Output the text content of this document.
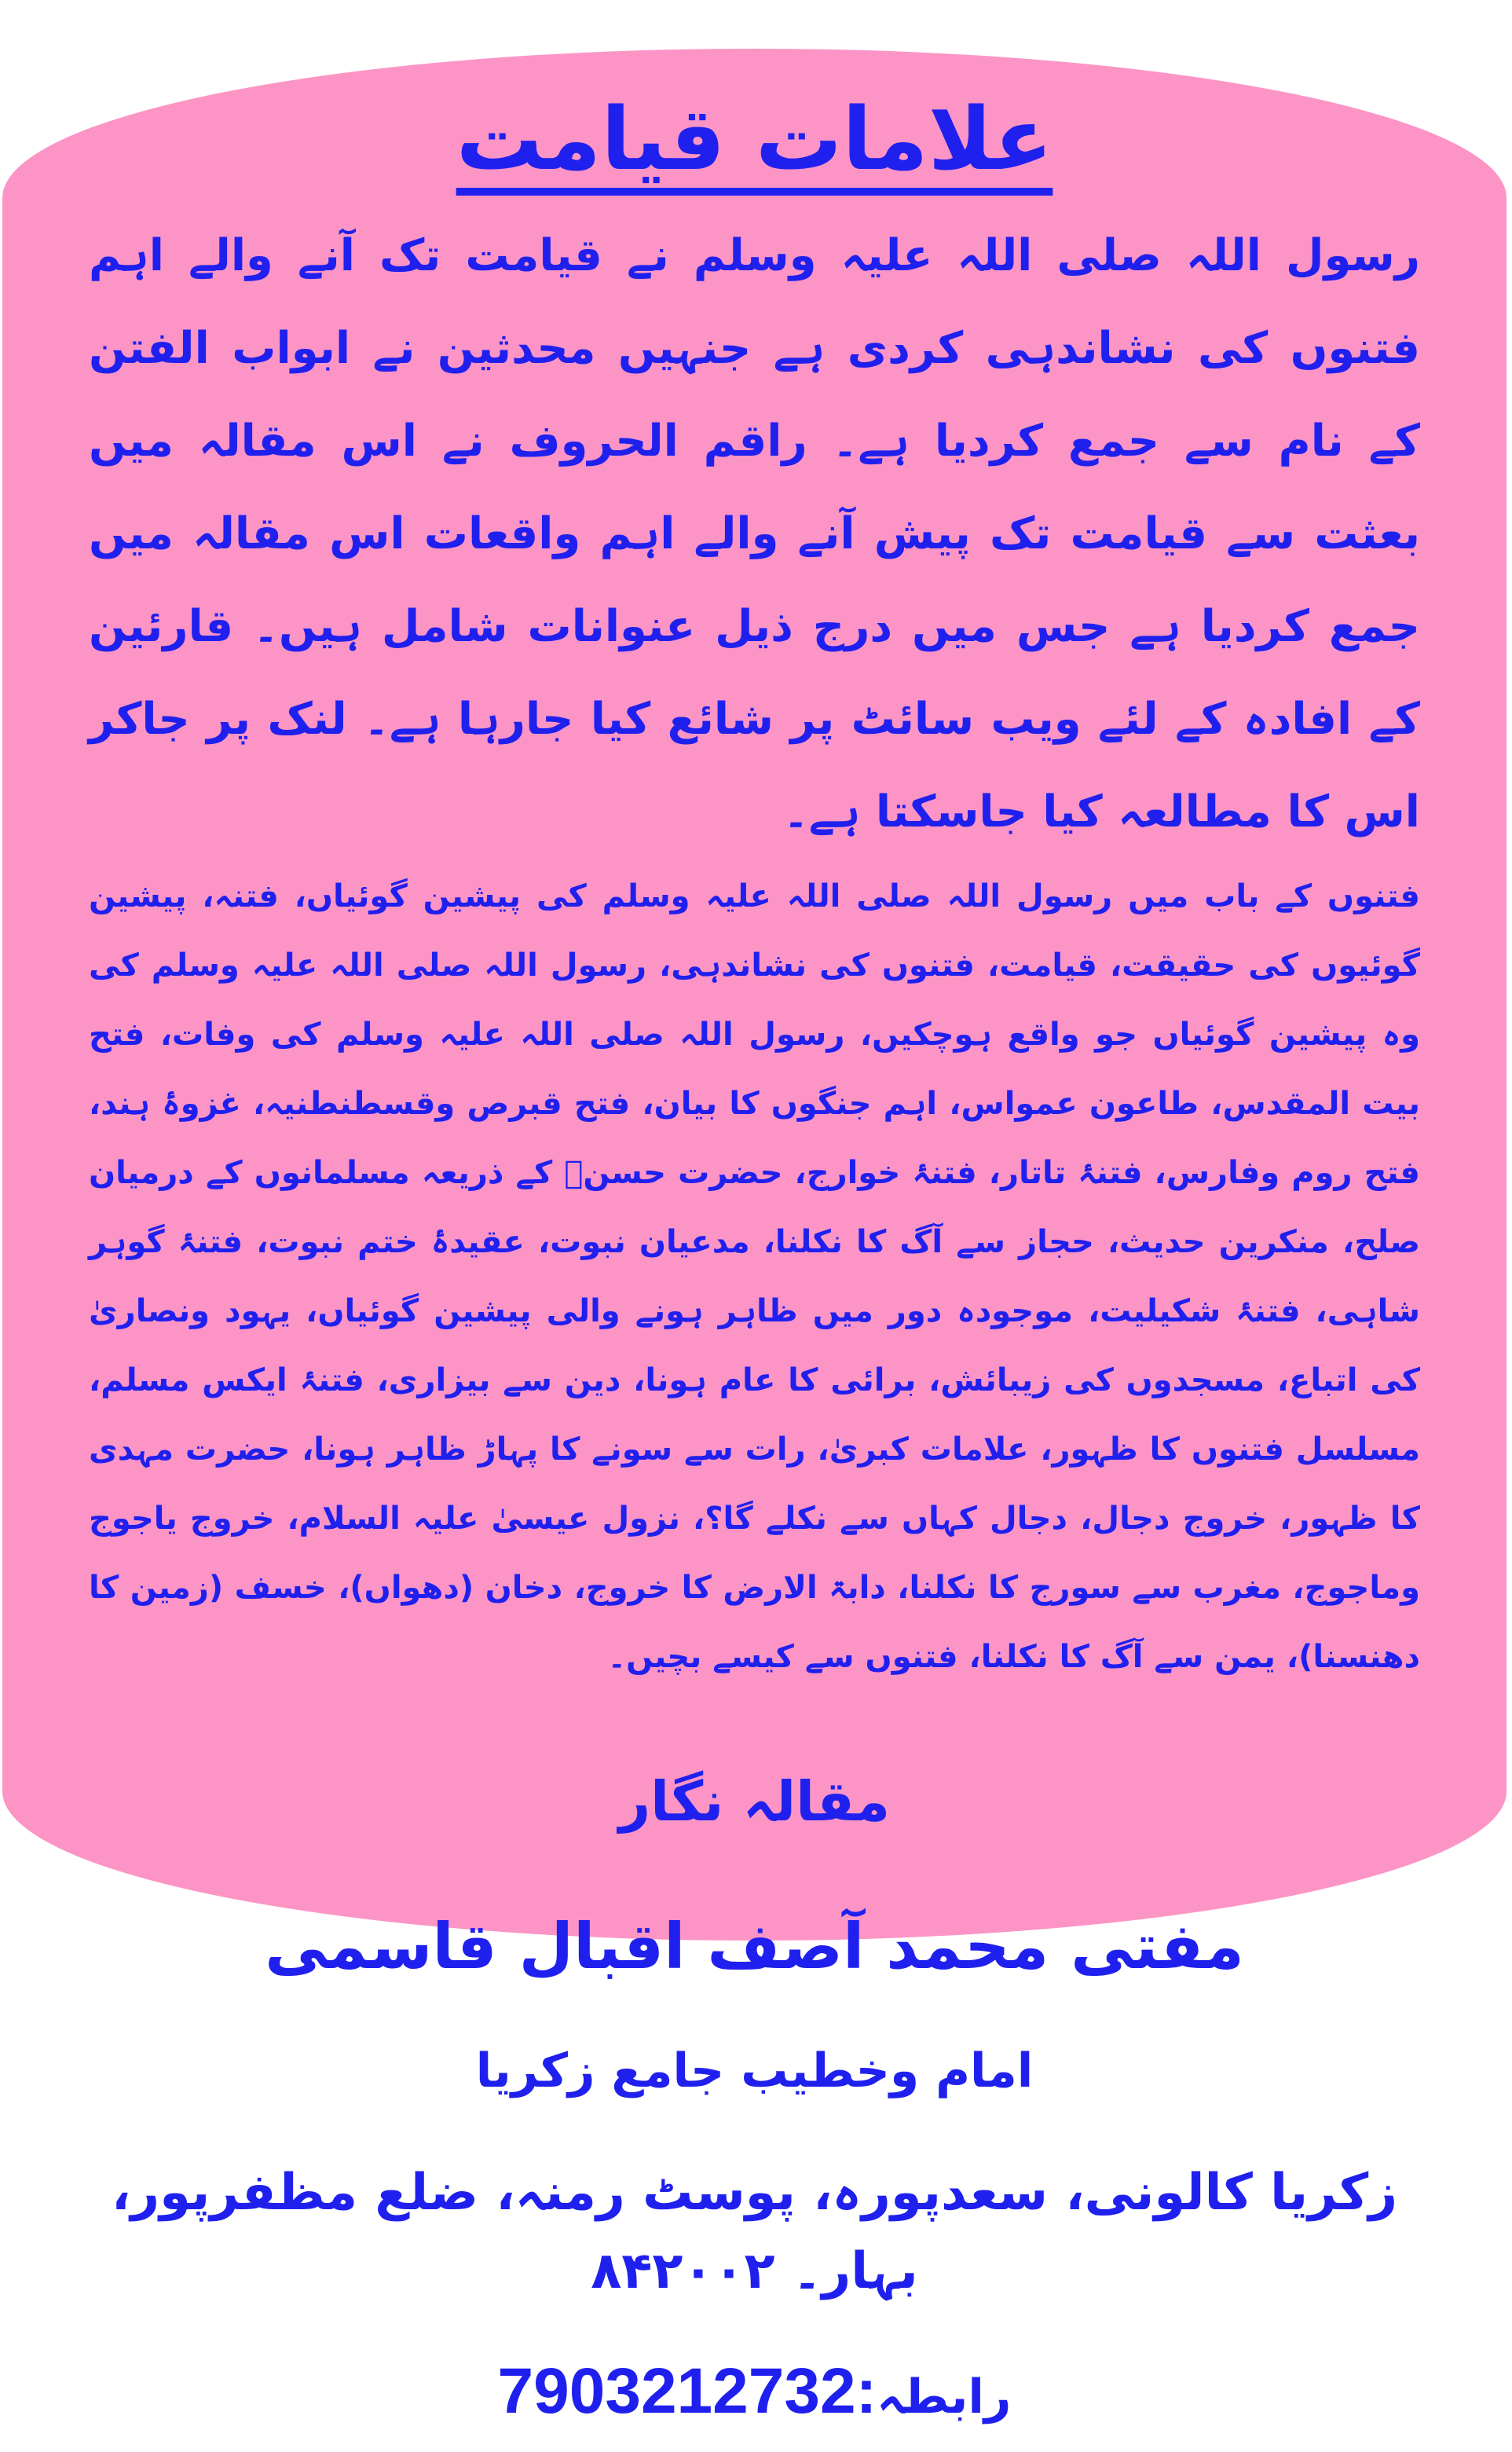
علامات قیامت

رسول اللہ صلی اللہ علیہ وسلم نے قیامت تک آنے والے اہم فتنوں کی نشاندہی کردی ہے جنہیں محدثین نے ابواب الفتن کے نام سے جمع کردیا ہے۔ راقم الحروف نے اس مقالہ میں بعثت سے قیامت تک پیش آنے والے اہم واقعات اس مقالہ میں جمع کردیا ہے جس میں درج ذیل عنوانات شامل ہیں۔ قارئین کے افادہ کے لئے ویب سائٹ پر شائع کیا جارہا ہے۔ لنک پر جاکر اس کا مطالعہ کیا جاسکتا ہے۔

فتنوں کے باب میں رسول اللہ صلی اللہ علیہ وسلم کی پیشین گوئیاں، فتنہ، پیشین گوئیوں کی حقیقت، قیامت، فتنوں کی نشاندہی، رسول اللہ صلی اللہ علیہ وسلم کی وہ پیشین گوئیاں جو واقع ہوچکیں، رسول اللہ صلی اللہ علیہ وسلم کی وفات، فتح بیت المقدس، طاعون عمواس، اہم جنگوں کا بیان، فتح قبرص وقسطنطنیہ، غزوۂ ہند، فتح روم وفارس، فتنۂ تاتار، فتنۂ خوارج، حضرت حسنؓ کے ذریعہ مسلمانوں کے درمیان صلح، منکرین حدیث، حجاز سے آگ کا نکلنا، مدعیان نبوت، عقیدۂ ختم نبوت، فتنۂ گوہر شاہی، فتنۂ شکیلیت، موجودہ دور میں ظاہر ہونے والی پیشین گوئیاں، یہود ونصاریٰ کی اتباع، مسجدوں کی زیبائش، برائی کا عام ہونا، دین سے بیزاری، فتنۂ ایکس مسلم، مسلسل فتنوں کا ظہور، علامات کبریٰ، رات سے سونے کا پہاڑ ظاہر ہونا، حضرت مہدی کا ظہور، خروج دجال، دجال کہاں سے نکلے گا؟، نزول عیسیٰ علیہ السلام، خروج یاجوج وماجوج، مغرب سے سورج کا نکلنا، دابۃ الارض کا خروج، دخان (دھواں)، خسف (زمین کا دھنسنا)، یمن سے آگ کا نکلنا، فتنوں سے کیسے بچیں۔

مقالہ نگار
مفتی محمد آصف اقبال قاسمی
امام وخطیب جامع زکریا
زکریا کالونی، سعدپورہ، پوسٹ رمنہ، ضلع مظفرپور، بہار۔ ۸۴۲۰۰۲
رابطہ:7903212732
